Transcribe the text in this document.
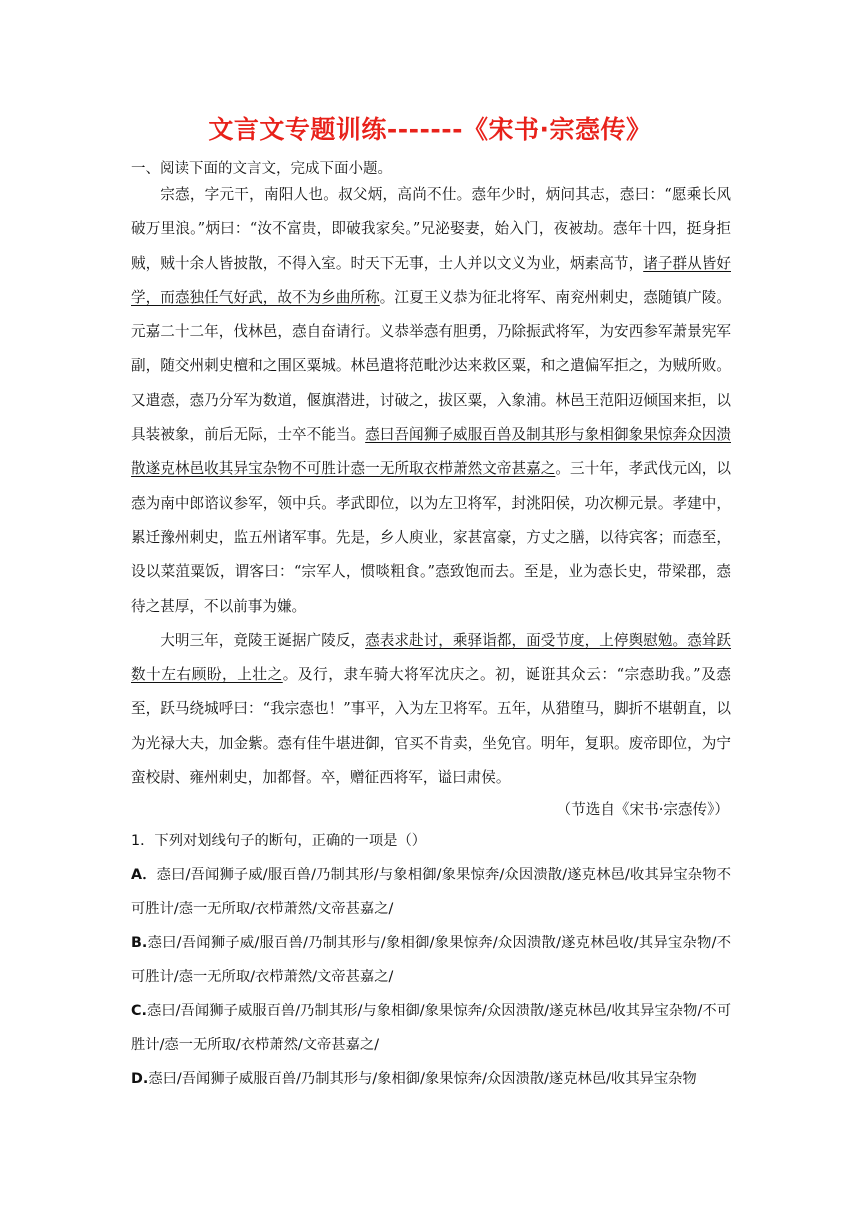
文言文专题训练-------《宋书·宗悫传》
一、阅读下面的文言文，完成下面小题。

宗悫，字元干，南阳人也。叔父炳，高尚不仕。悫年少时，炳问其志，悫曰：“愿乘长风破万里浪。”炳曰：“汝不富贵，即破我家矣。”兄泌娶妻，始入门，夜被劫。悫年十四，挺身拒贼，贼十余人皆披散，不得入室。时天下无事，士人并以文义为业，炳素高节，诸子群从皆好学，而悫独任气好武，故不为乡曲所称。江夏王义恭为征北将军、南兖州刺史，悫随镇广陵。元嘉二十二年，伐林邑，悫自奋请行。义恭举悫有胆勇，乃除振武将军，为安西参军萧景宪军副，随交州刺史檀和之围区粟城。林邑遣将范毗沙达来救区粟，和之遣偏军拒之，为贼所败。又遣悫，悫乃分军为数道，偃旗潜进，讨破之，拔区粟，入象浦。林邑王范阳迈倾国来拒，以具装被象，前后无际，士卒不能当。悫曰吾闻狮子威服百兽及制其形与象相御象果惊奔众因溃散遂克林邑收其异宝杂物不可胜计悫一无所取衣栉萧然文帝甚嘉之。三十年，孝武伐元凶，以悫为南中郎谘议参军，领中兵。孝武即位，以为左卫将军，封洮阳侯，功次柳元景。孝建中，累迁豫州刺史，监五州诸军事。先是，乡人庾业，家甚富豪，方丈之膳，以待宾客；而悫至，设以菜菹粟饭，谓客曰：“宗军人，惯啖粗食。”悫致饱而去。至是，业为悫长史，带梁郡，悫待之甚厚，不以前事为嫌。

大明三年，竟陵王诞据广陵反，悫表求赴讨，乘驿诣都，面受节度，上停舆慰勉。悫耸跃数十左右顾盼，上壮之。及行，隶车骑大将军沈庆之。初，诞诳其众云：“宗悫助我。”及悫至，跃马绕城呼曰：“我宗悫也！”事平，入为左卫将军。五年，从猎堕马，脚折不堪朝直，以为光禄大夫，加金紫。悫有佳牛堪进御，官买不肯卖，坐免官。明年，复职。废帝即位，为宁蛮校尉、雍州刺史，加都督。卒，赠征西将军，谥曰肃侯。

（节选自《宋书·宗悫传》）

1．下列对划线句子的断句，正确的一项是（）

A．悫曰/吾闻狮子威/服百兽/乃制其形/与象相御/象果惊奔/众因溃散/遂克林邑/收其异宝杂物不可胜计/悫一无所取/衣栉萧然/文帝甚嘉之/

B.悫曰/吾闻狮子威/服百兽/乃制其形与/象相御/象果惊奔/众因溃散/遂克林邑收/其异宝杂物/不可胜计/悫一无所取/衣栉萧然/文帝甚嘉之/

C.悫曰/吾闻狮子威服百兽/乃制其形/与象相御/象果惊奔/众因溃散/遂克林邑/收其异宝杂物/不可胜计/悫一无所取/衣栉萧然/文帝甚嘉之/

D.悫曰/吾闻狮子威服百兽/乃制其形与/象相御/象果惊奔/众因溃散/遂克林邑/收其异宝杂物
